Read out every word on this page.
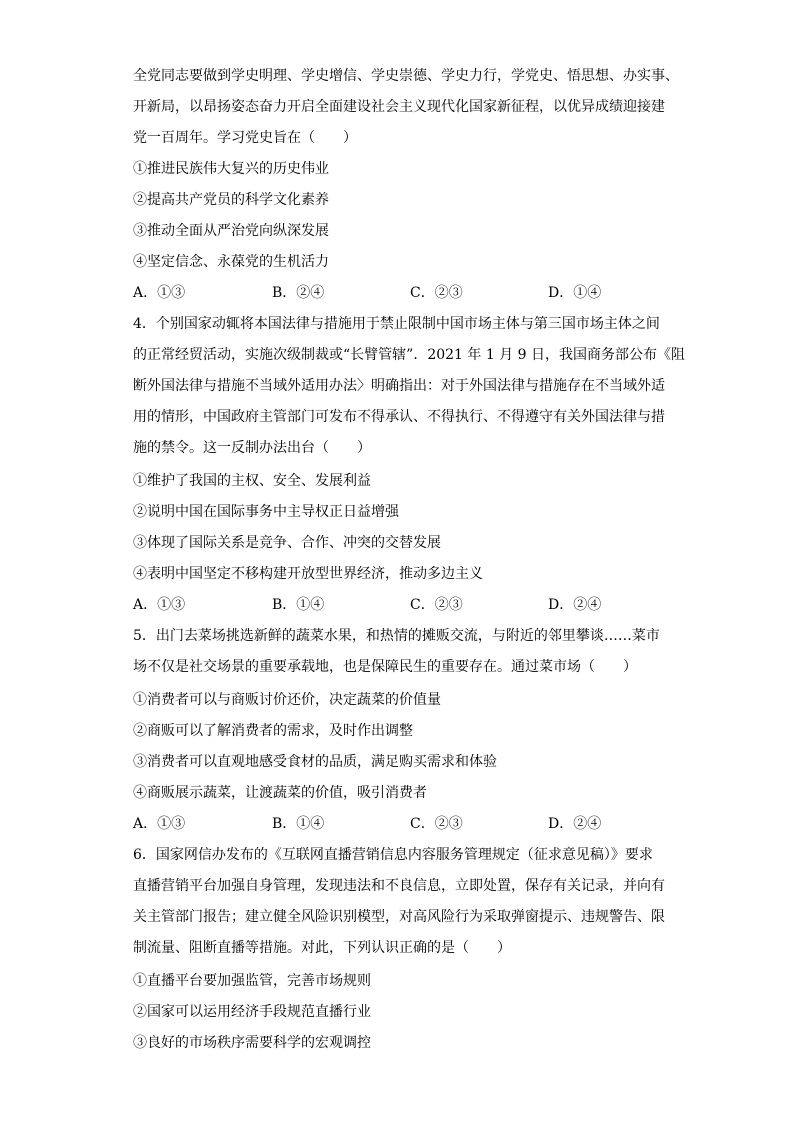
全党同志要做到学史明理、学史增信、学史崇德、学史力行，学党史、悟思想、办实事、
开新局，以昂扬姿态奋力开启全面建设社会主义现代化国家新征程，以优异成绩迎接建
党一百周年。学习党史旨在（　　）
①推进民族伟大复兴的历史伟业
②提高共产党员的科学文化素养
③推动全面从严治党向纵深发展
④坚定信念、永葆党的生机活力
A．①③	B．②④	C．②③	D．①④
4．个别国家动辄将本国法律与措施用于禁止限制中国市场主体与第三国市场主体之间
的正常经贸活动，实施次级制裁或“长臂管辖”．2021 年 1 月 9 日，我国商务部公布《阻
断外国法律与措施不当域外适用办法〉明确指出：对于外国法律与措施存在不当域外适
用的情形，中国政府主管部门可发布不得承认、不得执行、不得遵守有关外国法律与措
施的禁令。这一反制办法出台（　　）
①维护了我国的主权、安全、发展利益
②说明中国在国际事务中主导权正日益增强
③体现了国际关系是竞争、合作、冲突的交替发展
④表明中国坚定不移构建开放型世界经济，推动多边主义
A．①③	B．①④	C．②③	D．②④
5．出门去菜场挑选新鲜的蔬菜水果，和热情的摊贩交流，与附近的邻里攀谈……菜市
场不仅是社交场景的重要承载地，也是保障民生的重要存在。通过菜市场（　　）
①消费者可以与商贩讨价还价，决定蔬菜的价值量
②商贩可以了解消费者的需求，及时作出调整
③消费者可以直观地感受食材的品质，满足购买需求和体验
④商贩展示蔬菜，让渡蔬菜的价值，吸引消费者
A．①③	B．①④	C．②③	D．②④
6．国家网信办发布的《互联网直播营销信息内容服务管理规定（征求意见稿）》要求
直播营销平台加强自身管理，发现违法和不良信息，立即处置，保存有关记录，并向有
关主管部门报告；建立健全风险识别模型，对高风险行为采取弹窗提示、违规警告、限
制流量、阻断直播等措施。对此，下列认识正确的是（　　）
①直播平台要加强监管，完善市场规则
②国家可以运用经济手段规范直播行业
③良好的市场秩序需要科学的宏观调控
